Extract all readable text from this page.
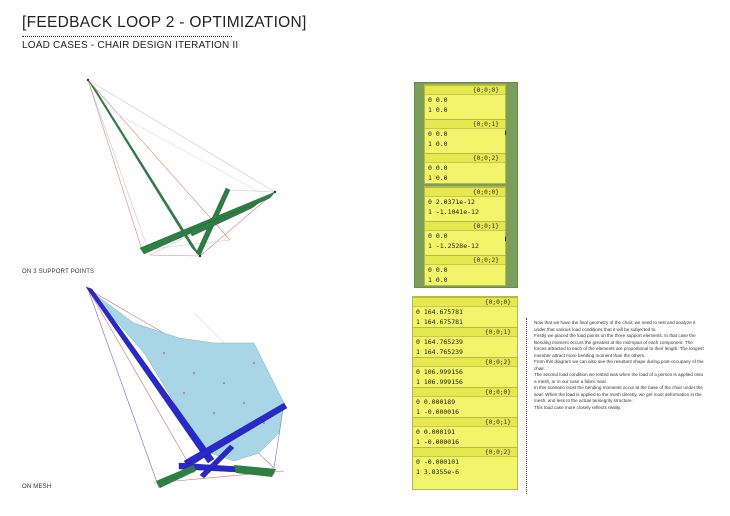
[FEEDBACK LOOP 2 - OPTIMIZATION]
LOAD CASES - CHAIR DESIGN ITERATION II
ON 3 SUPPORT POINTS
ON MESH
{0;0;0}
0 0.0
1 0.0
{0;0;1}
0 0.0
1 0.0
{0;0;2}
0 0.0
1 0.0
{0;0;0}
0 2.0371e-12
1 -1.1041e-12
{0;0;1}
0 0.0
1 -1.2528e-12
{0;0;2}
0 0.0
1 0.0
{0;0;0}
0 164.675781
1 164.675781
{0;0;1}
0 164.765239
1 164.765239
{0;0;2}
0 106.999156
1 106.999156
{0;0;0}
0 0.000189
1 -0.000016
{0;0;1}
0 0.000191
1 -0.000016
{0;0;2}
0 -0.000101
1 3.8355e-6

Now that we have the final geometry of the chair, we need to test and analyze it under that various load conditions that it will be subjected to.

Firstly we placed the load points on the three support elements. In that case the Bending moment occurs the greatest at the mid-span of each component. The forces attracted to each of the elements are proportional to their length. The longest member attract more bending moment than the others.

From this diagram we can also see the resultant shape during post-occupany of the chair.

The second load condition we tested was when the load of a person is applied onto a mesh, or in our case a fabric seat.

In this scenario most the bending moments occur at the base of the chair under the seat. When the load is applied to the mesh directly, we get most deformation in the mesh, and less to the actual tensegrity structure.

This load case more closely reflects reality.
